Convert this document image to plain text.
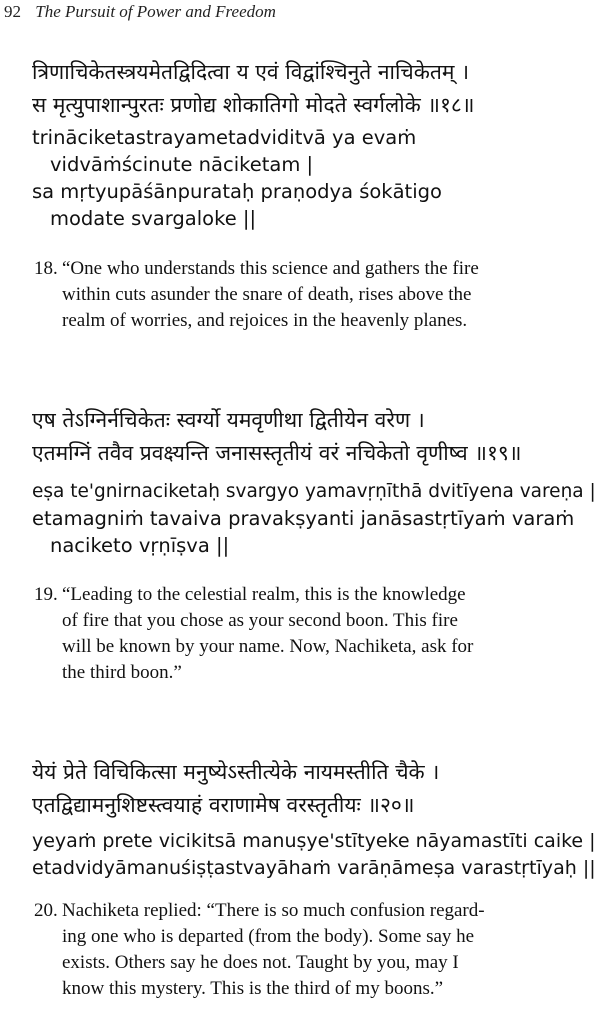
92 The Pursuit of Power and Freedom
त्रिणाचिकेतस्त्रयमेतद्विदित्वा य एवं विद्वांश्चिनुते नाचिकेतम् ।
स मृत्युपाशान्पुरतः प्रणोद्य शोकातिगो मोदते स्वर्गलोके ॥१८॥
trināciketastrayametadviditvā ya evaṁ
vidvāṁścinute nāciketam |
sa mṛtyupāśānpurataḥ praṇodya śokātigo
modate svargaloke ||
18. “One who understands this science and gathers the fire
within cuts asunder the snare of death, rises above the
realm of worries, and rejoices in the heavenly planes.
एष तेऽग्निर्नचिकेतः स्वर्ग्यो यमवृणीथा द्वितीयेन वरेण ।
एतमग्निं तवैव प्रवक्ष्यन्ति जनासस्तृतीयं वरं नचिकेतो वृणीष्व ॥१९॥
eṣa te'gnirnaciketaḥ svargyo yamavṛṇīthā dvitīyena vareṇa |
etamagniṁ tavaiva pravakṣyanti janāsastṛtīyaṁ varaṁ
naciketo vṛṇīṣva ||
19. “Leading to the celestial realm, this is the knowledge
of fire that you chose as your second boon. This fire
will be known by your name. Now, Nachiketa, ask for
the third boon.”
येयं प्रेते विचिकित्सा मनुष्येऽस्तीत्येके नायमस्तीति चैके ।
एतद्विद्यामनुशिष्टस्त्वयाहं वराणामेष वरस्तृतीयः ॥२०॥
yeyaṁ prete vicikitsā manuṣye'stītyeke nāyamastīti caike |
etadvidyāmanuśiṣṭastvayāhaṁ varāṇāmeṣa varastṛtīyaḥ ||
20. Nachiketa replied: “There is so much confusion regard-
ing one who is departed (from the body). Some say he
exists. Others say he does not. Taught by you, may I
know this mystery. This is the third of my boons.”
